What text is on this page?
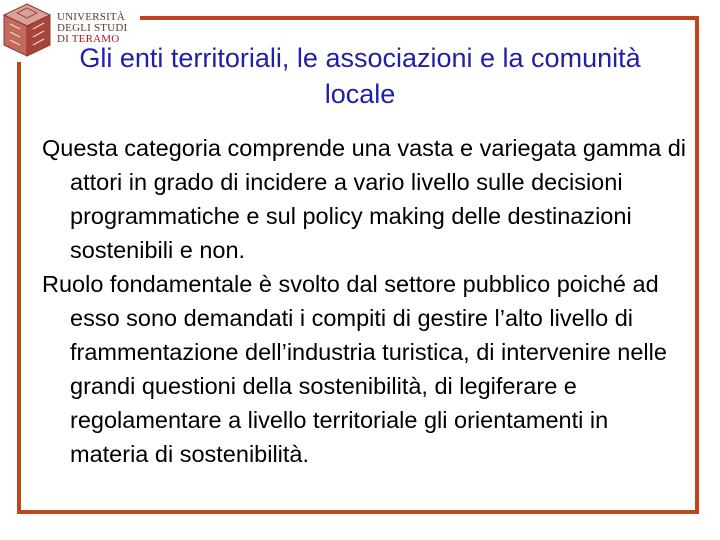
UNIVERSITÀ
DEGLI STUDI
DI TERAMO
Gli enti territoriali, le associazioni e la comunità locale

Questa categoria comprende una vasta e variegata gamma di attori in grado di incidere a vario livello sulle decisioni programmatiche e sul policy making delle destinazioni sostenibili e non.

Ruolo fondamentale è svolto dal settore pubblico poiché ad esso sono demandati i compiti di gestire l’alto livello di frammentazione dell’industria turistica, di intervenire nelle grandi questioni della sostenibilità, di legiferare e regolamentare a livello territoriale gli orientamenti in materia di sostenibilità.
